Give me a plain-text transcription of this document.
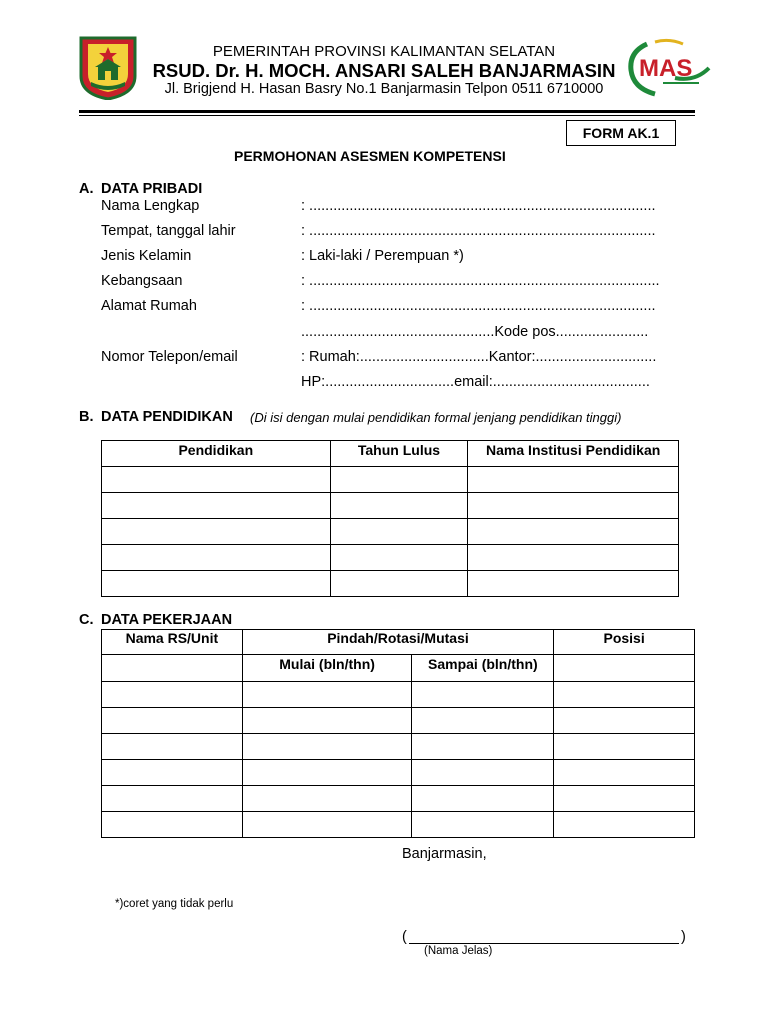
MAS
PEMERINTAH PROVINSI KALIMANTAN SELATAN
RSUD. Dr. H. MOCH. ANSARI SALEH BANJARMASIN
Jl. Brigjend H. Hasan Basry No.1 Banjarmasin Telpon 0511 6710000
FORM AK.1
PERMOHONAN ASESMEN KOMPETENSI
A. DATA PRIBADI
Nama Lengkap	: ......................................................................................
Tempat, tanggal lahir	: ......................................................................................
Jenis Kelamin	: Laki-laki / Perempuan *)
Kebangsaan	: .......................................................................................
Alamat Rumah	: ......................................................................................
................................................Kode pos.......................
Nomor Telepon/email	: Rumah:................................Kantor:..............................
HP:................................email:.......................................
B. DATA PENDIDIKAN (Di isi dengan mulai pendidikan formal jenjang pendidikan tinggi)
Pendidikan	Tahun Lulus	Nama Institusi Pendidikan

C. DATA PEKERJAAN
Nama RS/Unit	Pindah/Rotasi/Mutasi		Posisi
	Mulai (bln/thn)	Sampai (bln/thn)	

Banjarmasin,
*)coret yang tidak perlu
(	)
(Nama Jelas)
